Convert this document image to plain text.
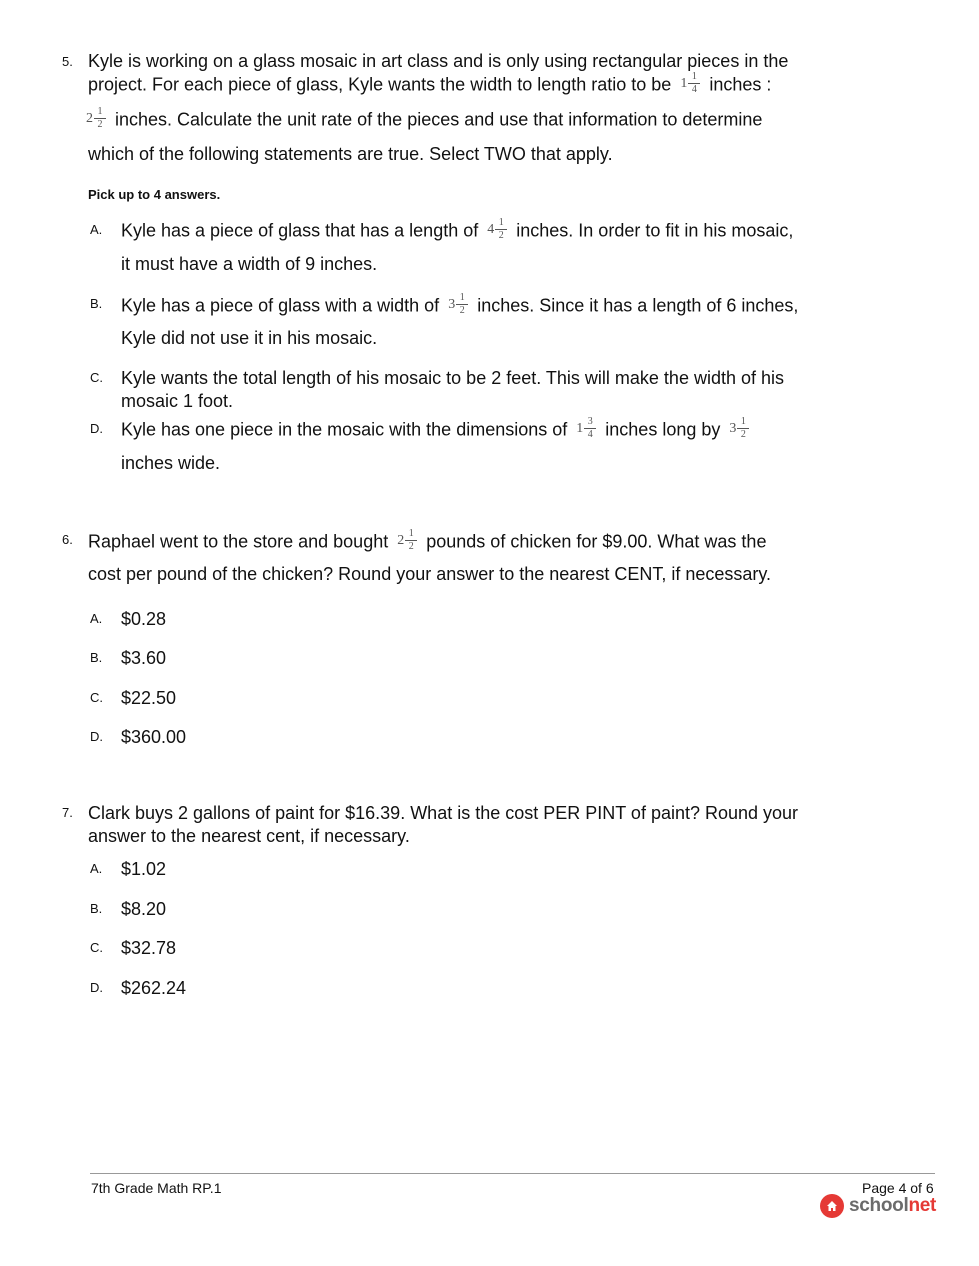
5. Kyle is working on a glass mosaic in art class and is only using rectangular pieces in the
project. For each piece of glass, Kyle wants the width to length ratio to be 1 1
4 inches :
2 1
2 inches. Calculate the unit rate of the pieces and use that information to determine
which of the following statements are true. Select TWO that apply.
Pick up to 4 answers.
A. Kyle has a piece of glass that has a length of 4 1
2 inches. In order to fit in his mosaic,
it must have a width of 9 inches.
B. Kyle has a piece of glass with a width of 3 1
2 inches. Since it has a length of 6 inches,
Kyle did not use it in his mosaic.
C. Kyle wants the total length of his mosaic to be 2 feet. This will make the width of his
mosaic 1 foot.
D. Kyle has one piece in the mosaic with the dimensions of 1 3
4 inches long by 3 1
2
inches wide.
6. Raphael went to the store and bought 2 1
2 pounds of chicken for $9.00. What was the
cost per pound of the chicken? Round your answer to the nearest CENT, if necessary.
A. $0.28
B. $3.60
C. $22.50
D. $360.00
7. Clark buys 2 gallons of paint for $16.39. What is the cost PER PINT of paint? Round your
answer to the nearest cent, if necessary.
A. $1.02
B. $8.20
C. $32.78
D. $262.24
7th Grade Math RP.1	Page 4 of 6
schoolnet
